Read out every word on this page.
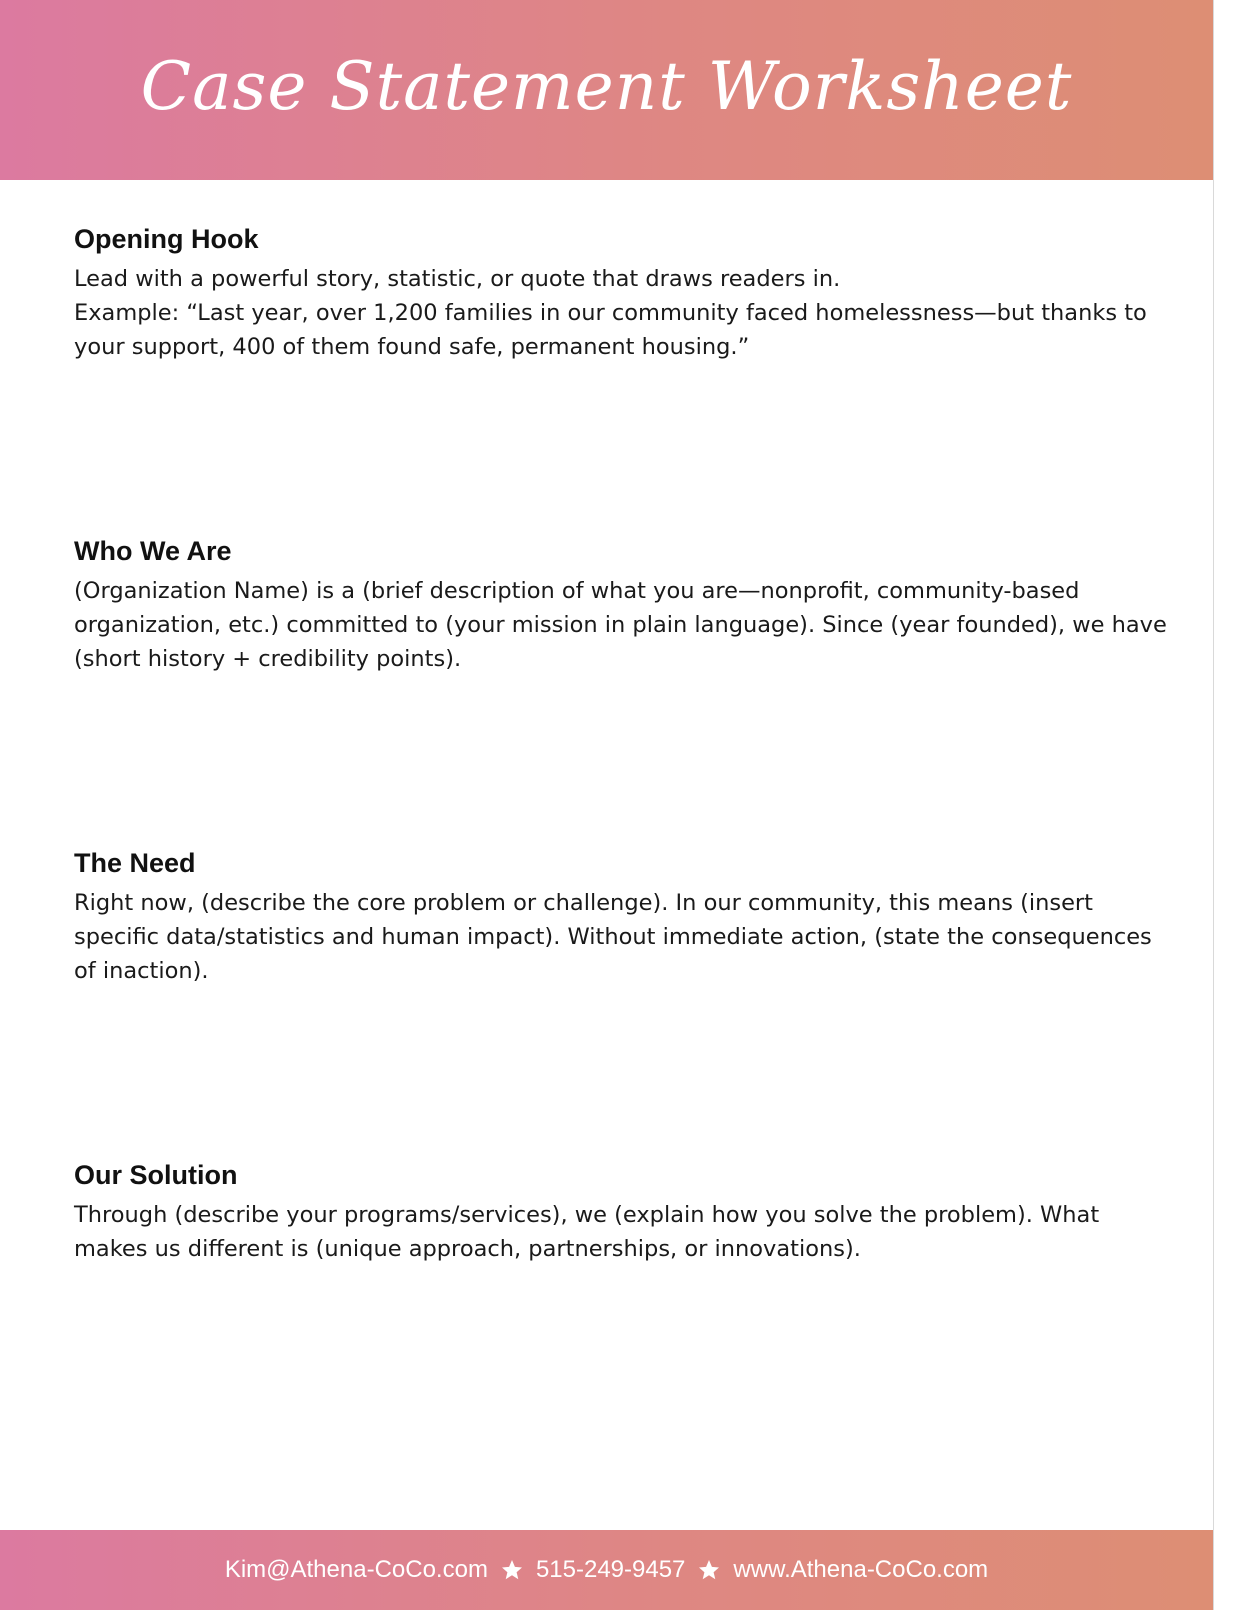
Case Statement Worksheet
Opening Hook

Lead with a powerful story, statistic, or quote that draws readers in.

Example: “Last year, over 1,200 families in our community faced homelessness—but thanks to your support, 400 of them found safe, permanent housing.”

Who We Are

(Organization Name) is a (brief description of what you are—nonprofit, community-based organization, etc.) committed to (your mission in plain language). Since (year founded), we have (short history + credibility points).

The Need

Right now, (describe the core problem or challenge). In our community, this means (insert specific data/statistics and human impact). Without immediate action, (state the consequences of inaction).

Our Solution

Through (describe your programs/services), we (explain how you solve the problem). What makes us different is (unique approach, partnerships, or innovations).

Kim@Athena-CoCo.com 515-249-9457 www.Athena-CoCo.com
